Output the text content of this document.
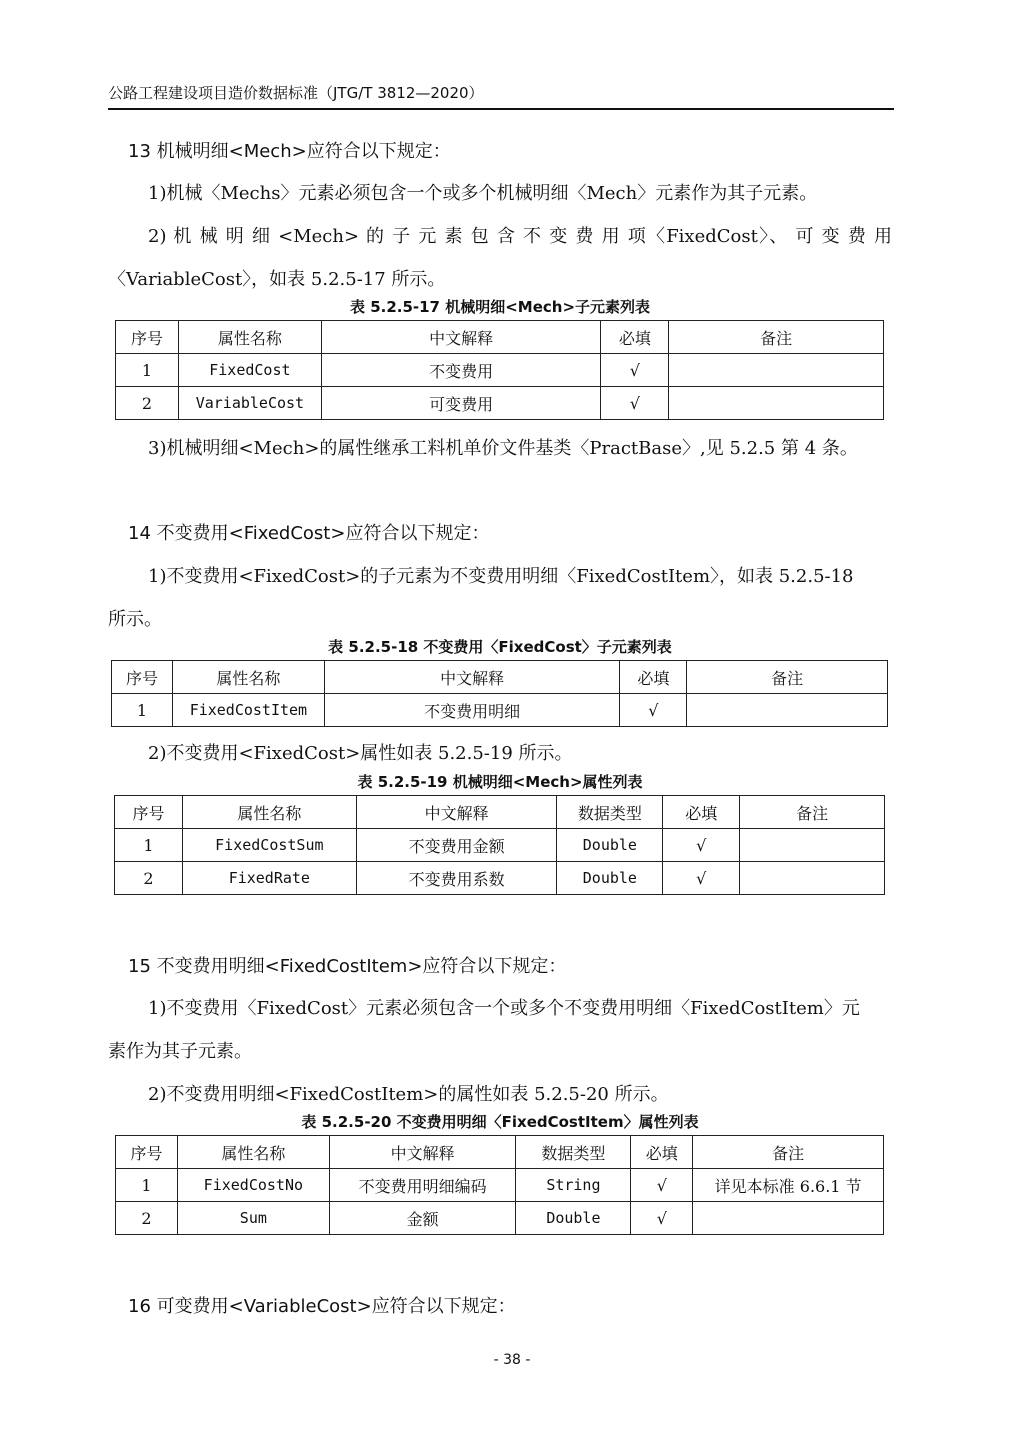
公路工程建设项目造价数据标准（JTG/T 3812—2020）
13 机械明细<Mech>应符合以下规定：
1)机械〈Mechs〉元素必须包含一个或多个机械明细〈Mech〉元素作为其子元素。
2) 机 械 明 细 <Mech> 的 子 元 素 包 含 不 变 费 用 项〈FixedCost〉、 可 变 费 用
〈VariableCost〉，如表 5.2.5-17 所示。
表 5.2.5-17 机械明细<Mech>子元素列表
序号	属性名称	中文解释	必填	备注
1	FixedCost	不变费用	√	
2	VariableCost	可变费用	√	
3)机械明细<Mech>的属性继承工料机单价文件基类〈PractBase〉,见 5.2.5 第 4 条。
14 不变费用<FixedCost>应符合以下规定：
1)不变费用<FixedCost>的子元素为不变费用明细〈FixedCostItem〉，如表 5.2.5-18
所示。
表 5.2.5-18 不变费用〈FixedCost〉子元素列表
序号	属性名称	中文解释	必填	备注
1	FixedCostItem	不变费用明细	√	
2)不变费用<FixedCost>属性如表 5.2.5-19 所示。
表 5.2.5-19 机械明细<Mech>属性列表
序号	属性名称	中文解释	数据类型	必填	备注
1	FixedCostSum	不变费用金额	Double	√	
2	FixedRate	不变费用系数	Double	√	
15 不变费用明细<FixedCostItem>应符合以下规定：
1)不变费用〈FixedCost〉元素必须包含一个或多个不变费用明细〈FixedCostItem〉元
素作为其子元素。
2)不变费用明细<FixedCostItem>的属性如表 5.2.5-20 所示。
表 5.2.5-20 不变费用明细〈FixedCostItem〉属性列表
序号	属性名称	中文解释	数据类型	必填	备注
1	FixedCostNo	不变费用明细编码	String	√	详见本标准 6.6.1 节
2	Sum	金额	Double	√	
16 可变费用<VariableCost>应符合以下规定：
- 38 -
